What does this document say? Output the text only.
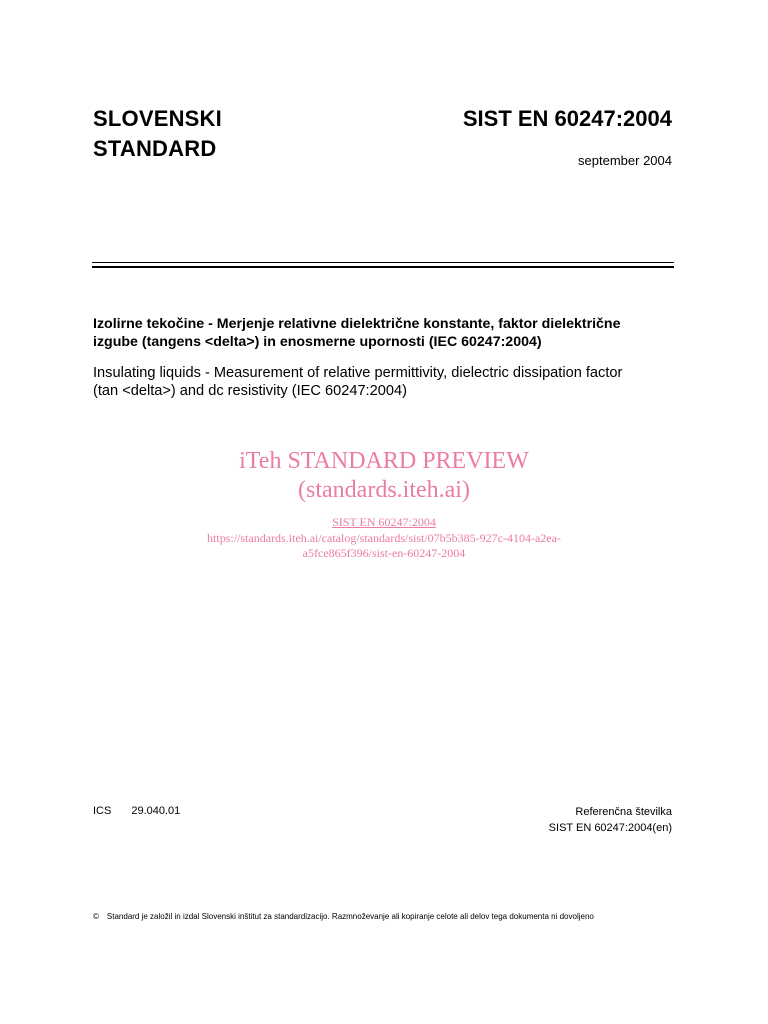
SLOVENSKI
STANDARD
SIST EN 60247:2004
september 2004
Izolirne tekočine - Merjenje relativne dielektrične konstante, faktor dielektrične
izgube (tangens <delta>) in enosmerne upornosti (IEC 60247:2004)
Insulating liquids - Measurement of relative permittivity, dielectric dissipation factor
(tan <delta>) and dc resistivity (IEC 60247:2004)
iTeh STANDARD PREVIEW
(standards.iteh.ai)
SIST EN 60247:2004
https://standards.iteh.ai/catalog/standards/sist/07b5b385-927c-4104-a2ea-
a5fce865f396/sist-en-60247-2004
ICS 29.040.01	Referenčna številka
SIST EN 60247:2004(en)
© Standard je založil in izdal Slovenski inštitut za standardizacijo. Razmnoževanje ali kopiranje celote ali delov tega dokumenta ni dovoljeno
